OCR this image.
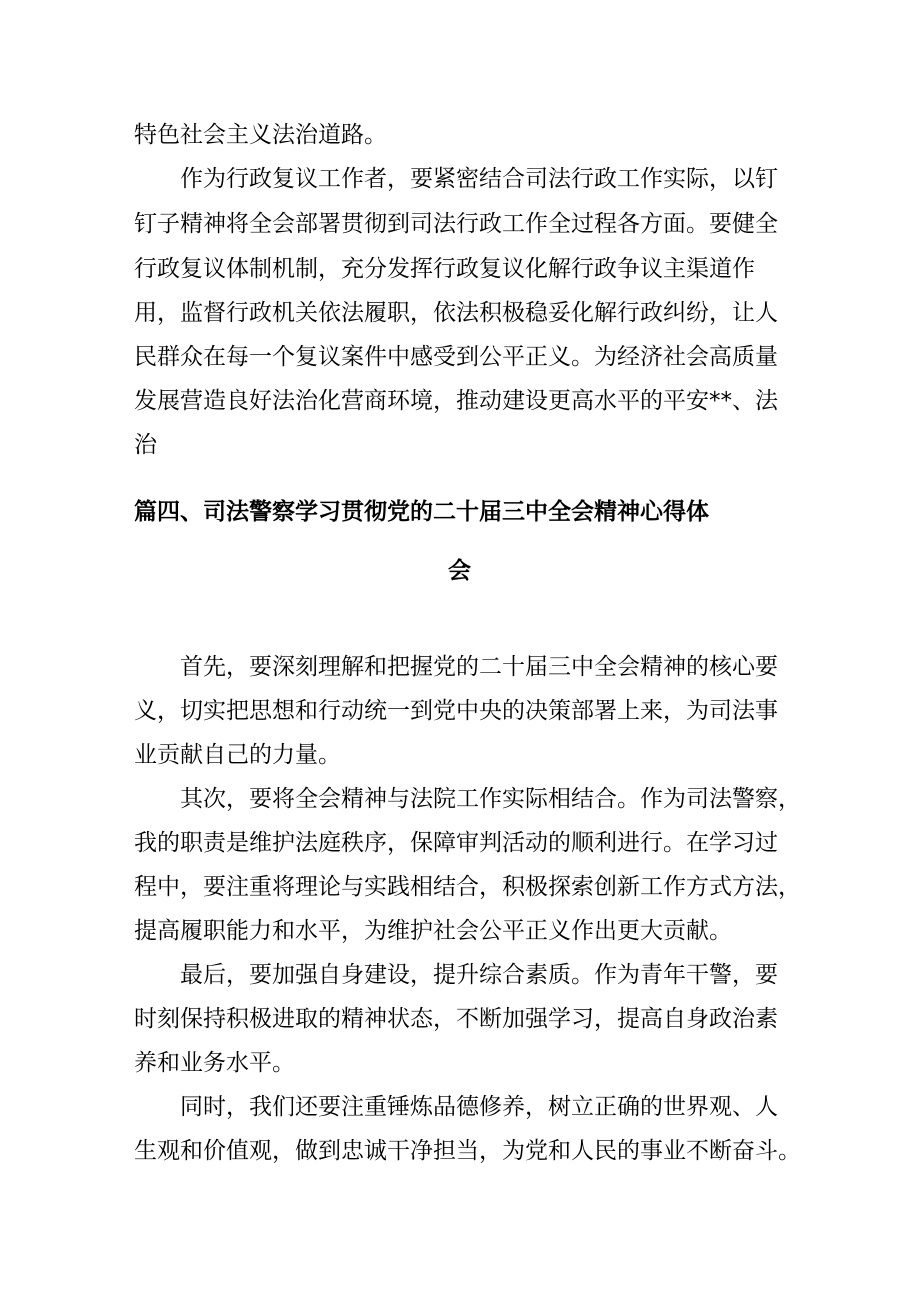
特色社会主义法治道路。
作为行政复议工作者，要紧密结合司法行政工作实际，以钉
钉子精神将全会部署贯彻到司法行政工作全过程各方面。要健全
行政复议体制机制，充分发挥行政复议化解行政争议主渠道作
用，监督行政机关依法履职，依法积极稳妥化解行政纠纷，让人
民群众在每一个复议案件中感受到公平正义。为经济社会高质量
发展营造良好法治化营商环境，推动建设更高水平的平安**、法
治
篇四、司法警察学习贯彻党的二十届三中全会精神心得体
会
首先，要深刻理解和把握党的二十届三中全会精神的核心要
义，切实把思想和行动统一到党中央的决策部署上来，为司法事
业贡献自己的力量。
其次，要将全会精神与法院工作实际相结合。作为司法警察，
我的职责是维护法庭秩序，保障审判活动的顺利进行。在学习过
程中，要注重将理论与实践相结合，积极探索创新工作方式方法，
提高履职能力和水平，为维护社会公平正义作出更大贡献。
最后，要加强自身建设，提升综合素质。作为青年干警，要
时刻保持积极进取的精神状态，不断加强学习，提高自身政治素
养和业务水平。
同时，我们还要注重锤炼品德修养，树立正确的世界观、人
生观和价值观，做到忠诚干净担当，为党和人民的事业不断奋斗。
